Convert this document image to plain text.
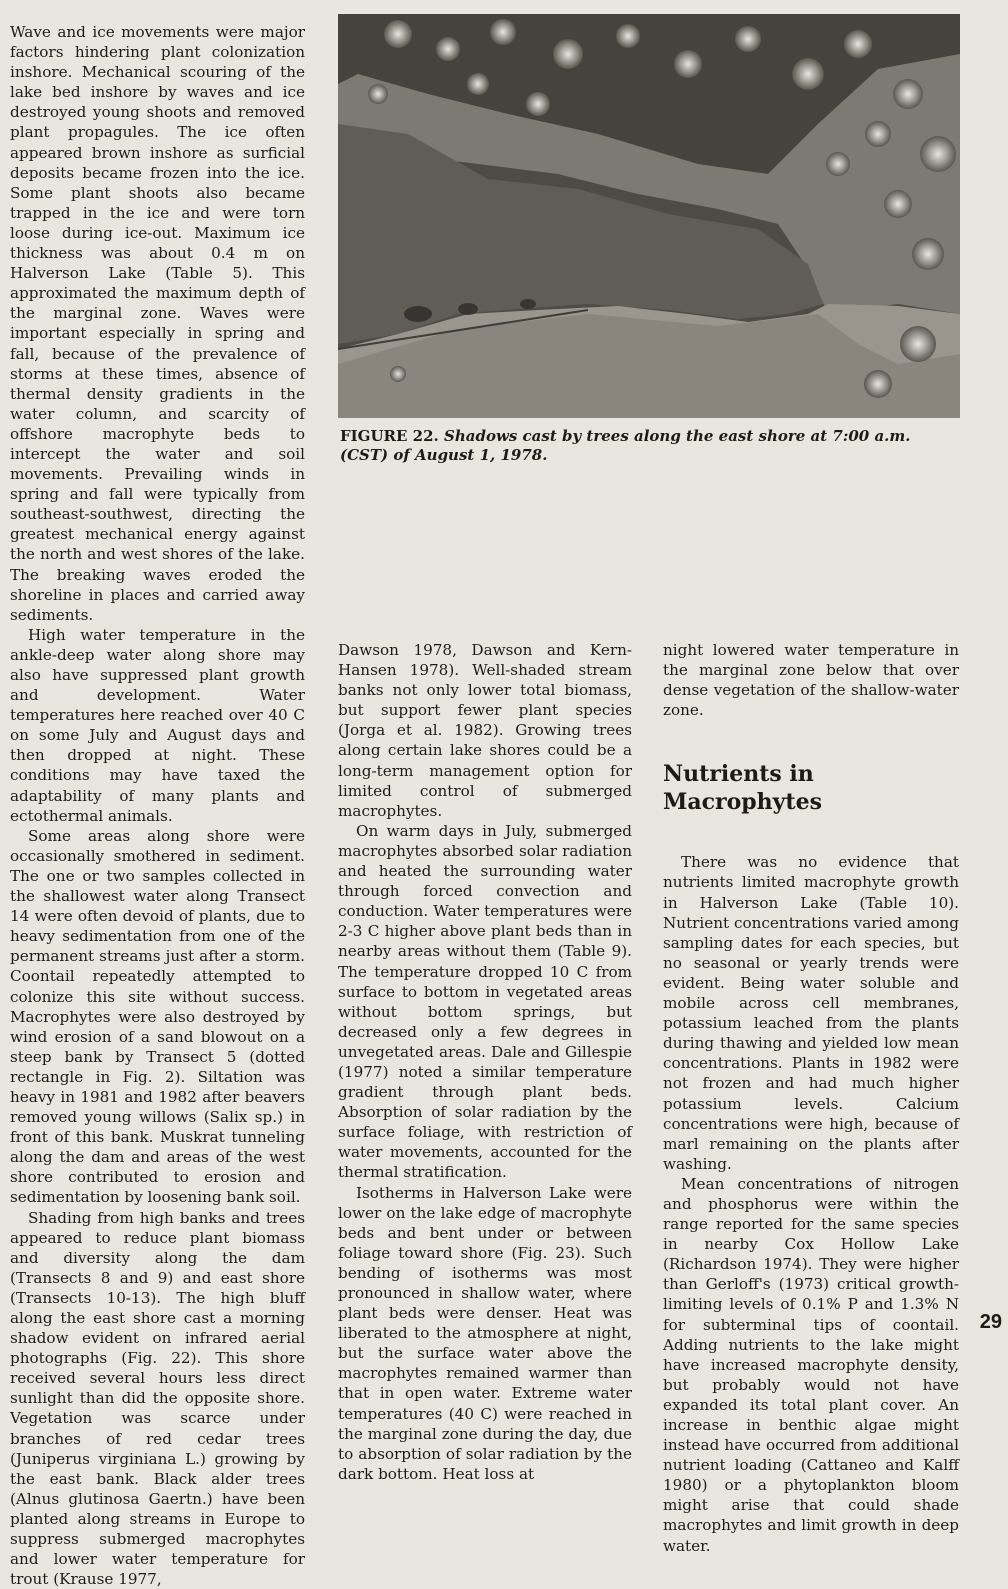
FIGURE 22. Shadows cast by trees along the east shore at 7:00 a.m. (CST) of August 1, 1978.

Wave and ice movements were major factors hindering plant colonization inshore. Mechanical scouring of the lake bed inshore by waves and ice destroyed young shoots and removed plant propagules. The ice often appeared brown inshore as surficial deposits became frozen into the ice. Some plant shoots also became trapped in the ice and were torn loose during ice-out. Maximum ice thickness was about 0.4 m on Halverson Lake (Table 5). This approximated the maximum depth of the marginal zone. Waves were important especially in spring and fall, because of the prevalence of storms at these times, absence of thermal density gradients in the water column, and scarcity of offshore macrophyte beds to intercept the water and soil movements. Prevailing winds in spring and fall were typically from southeast-southwest, directing the greatest mechanical energy against the north and west shores of the lake. The breaking waves eroded the shoreline in places and carried away sediments.

High water temperature in the ankle-deep water along shore may also have suppressed plant growth and development. Water temperatures here reached over 40 C on some July and August days and then dropped at night. These conditions may have taxed the adaptability of many plants and ectothermal animals.

Some areas along shore were occasionally smothered in sediment. The one or two samples collected in the shallowest water along Transect 14 were often devoid of plants, due to heavy sedimentation from one of the permanent streams just after a storm. Coontail repeatedly attempted to colonize this site without success. Macrophytes were also destroyed by wind erosion of a sand blowout on a steep bank by Transect 5 (dotted rectangle in Fig. 2). Siltation was heavy in 1981 and 1982 after beavers removed young willows (Salix sp.) in front of this bank. Muskrat tunneling along the dam and areas of the west shore contributed to erosion and sedimentation by loosening bank soil.

Shading from high banks and trees appeared to reduce plant biomass and diversity along the dam (Transects 8 and 9) and east shore (Transects 10-13). The high bluff along the east shore cast a morning shadow evident on infrared aerial photographs (Fig. 22). This shore received several hours less direct sunlight than did the opposite shore. Vegetation was scarce under branches of red cedar trees (Juniperus virginiana L.) growing by the east bank. Black alder trees (Alnus glutinosa Gaertn.) have been planted along streams in Europe to suppress submerged macrophytes and lower water temperature for trout (Krause 1977,

Dawson 1978, Dawson and Kern-Hansen 1978). Well-shaded stream banks not only lower total biomass, but support fewer plant species (Jorga et al. 1982). Growing trees along certain lake shores could be a long-term management option for limited control of submerged macrophytes.

On warm days in July, submerged macrophytes absorbed solar radiation and heated the surrounding water through forced convection and conduction. Water temperatures were 2-3 C higher above plant beds than in nearby areas without them (Table 9). The temperature dropped 10 C from surface to bottom in vegetated areas without bottom springs, but decreased only a few degrees in unvegetated areas. Dale and Gillespie (1977) noted a similar temperature gradient through plant beds. Absorption of solar radiation by the surface foliage, with restriction of water movements, accounted for the thermal stratification.

Isotherms in Halverson Lake were lower on the lake edge of macrophyte beds and bent under or between foliage toward shore (Fig. 23). Such bending of isotherms was most pronounced in shallow water, where plant beds were denser. Heat was liberated to the atmosphere at night, but the surface water above the macrophytes remained warmer than that in open water. Extreme water temperatures (40 C) were reached in the marginal zone during the day, due to absorption of solar radiation by the dark bottom. Heat loss at

night lowered water temperature in the marginal zone below that over dense vegetation of the shallow-water zone.

Nutrients in Macrophytes

There was no evidence that nutrients limited macrophyte growth in Halverson Lake (Table 10). Nutrient concentrations varied among sampling dates for each species, but no seasonal or yearly trends were evident. Being water soluble and mobile across cell membranes, potassium leached from the plants during thawing and yielded low mean concentrations. Plants in 1982 were not frozen and had much higher potassium levels. Calcium concentrations were high, because of marl remaining on the plants after washing.

Mean concentrations of nitrogen and phosphorus were within the range reported for the same species in nearby Cox Hollow Lake (Richardson 1974). They were higher than Gerloff's (1973) critical growth-limiting levels of 0.1% P and 1.3% N for subterminal tips of coontail. Adding nutrients to the lake might have increased macrophyte density, but probably would not have expanded its total plant cover. An increase in benthic algae might instead have occurred from additional nutrient loading (Cattaneo and Kalff 1980) or a phytoplankton bloom might arise that could shade macrophytes and limit growth in deep water.

29
